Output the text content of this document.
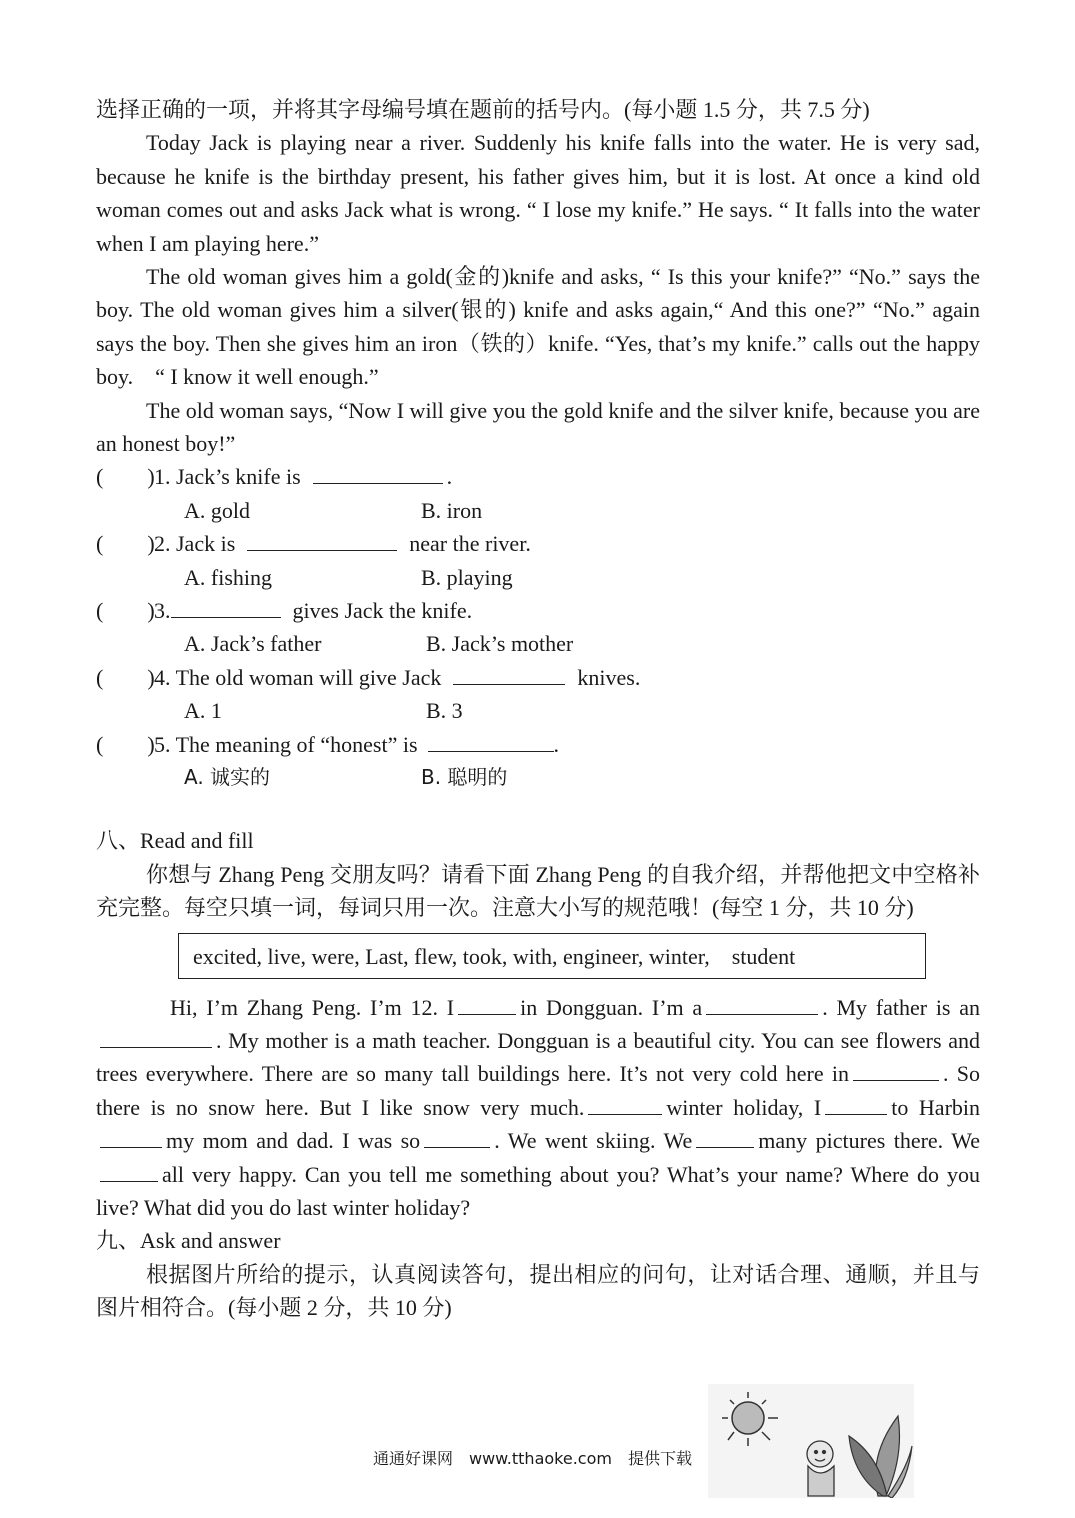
选择正确的一项，并将其字母编号填在题前的括号内。(每小题 1.5 分，共 7.5 分)

Today Jack is playing near a river. Suddenly his knife falls into the water. He is very sad, because he knife is the birthday present, his father gives him, but it is lost. At once a kind old woman comes out and asks Jack what is wrong. “ I lose my knife.” He says. “ It falls into the water when I am playing here.”

The old woman gives him a gold(金的)knife and asks, “ Is this your knife?” “No.” says the boy. The old woman gives him a silver(银的) knife and asks again,“ And this one?” “No.” again says the boy. Then she gives him an iron（铁的）knife. “Yes, that’s my knife.” calls out the happy boy.　“ I know it well enough.”

The old woman says, “Now I will give you the gold knife and the silver knife, because you are an honest boy!”

(　　) 1. Jack’s knife is	.
A. gold	B. iron
(　　) 2. Jack is	near the river.
A. fishing	B. playing
(　　) 3.	gives Jack the knife.
A. Jack’s father	B. Jack’s mother
(　　) 4. The old woman will give Jack	knives.
A. 1	B. 3
(　　) 5. The meaning of “honest” is	.
A. 诚实的	B. 聪明的

八、Read and fill

你想与 Zhang Peng 交朋友吗？请看下面 Zhang Peng 的自我介绍，并帮他把文中空格补充完整。每空只填一词，每词只用一次。注意大小写的规范哦！(每空 1 分，共 10 分)

excited, live, were, Last, flew, took, with, engineer, winter,　student

Hi, I’m Zhang Peng. I’m 12. I	in Dongguan. I’m a	. My father is an. My mother is a math teacher. Dongguan is a beautiful city. You can see flowers and trees everywhere. There are so many tall buildings here. It’s not very cold here in	. So there is no snow here. But I like snow very much.	winter holiday, I	to Harbinmy mom and dad. I was so	. We went skiing. We	many pictures there. Weall very happy. Can you tell me something about you? What’s your name? Where do you live? What did you do last winter holiday?

九、Ask and answer

根据图片所给的提示，认真阅读答句，提出相应的问句，让对话合理、通顺，并且与图片相符合。(每小题 2 分，共 10 分)

通通好课网　www.tthaoke.com　提供下载
